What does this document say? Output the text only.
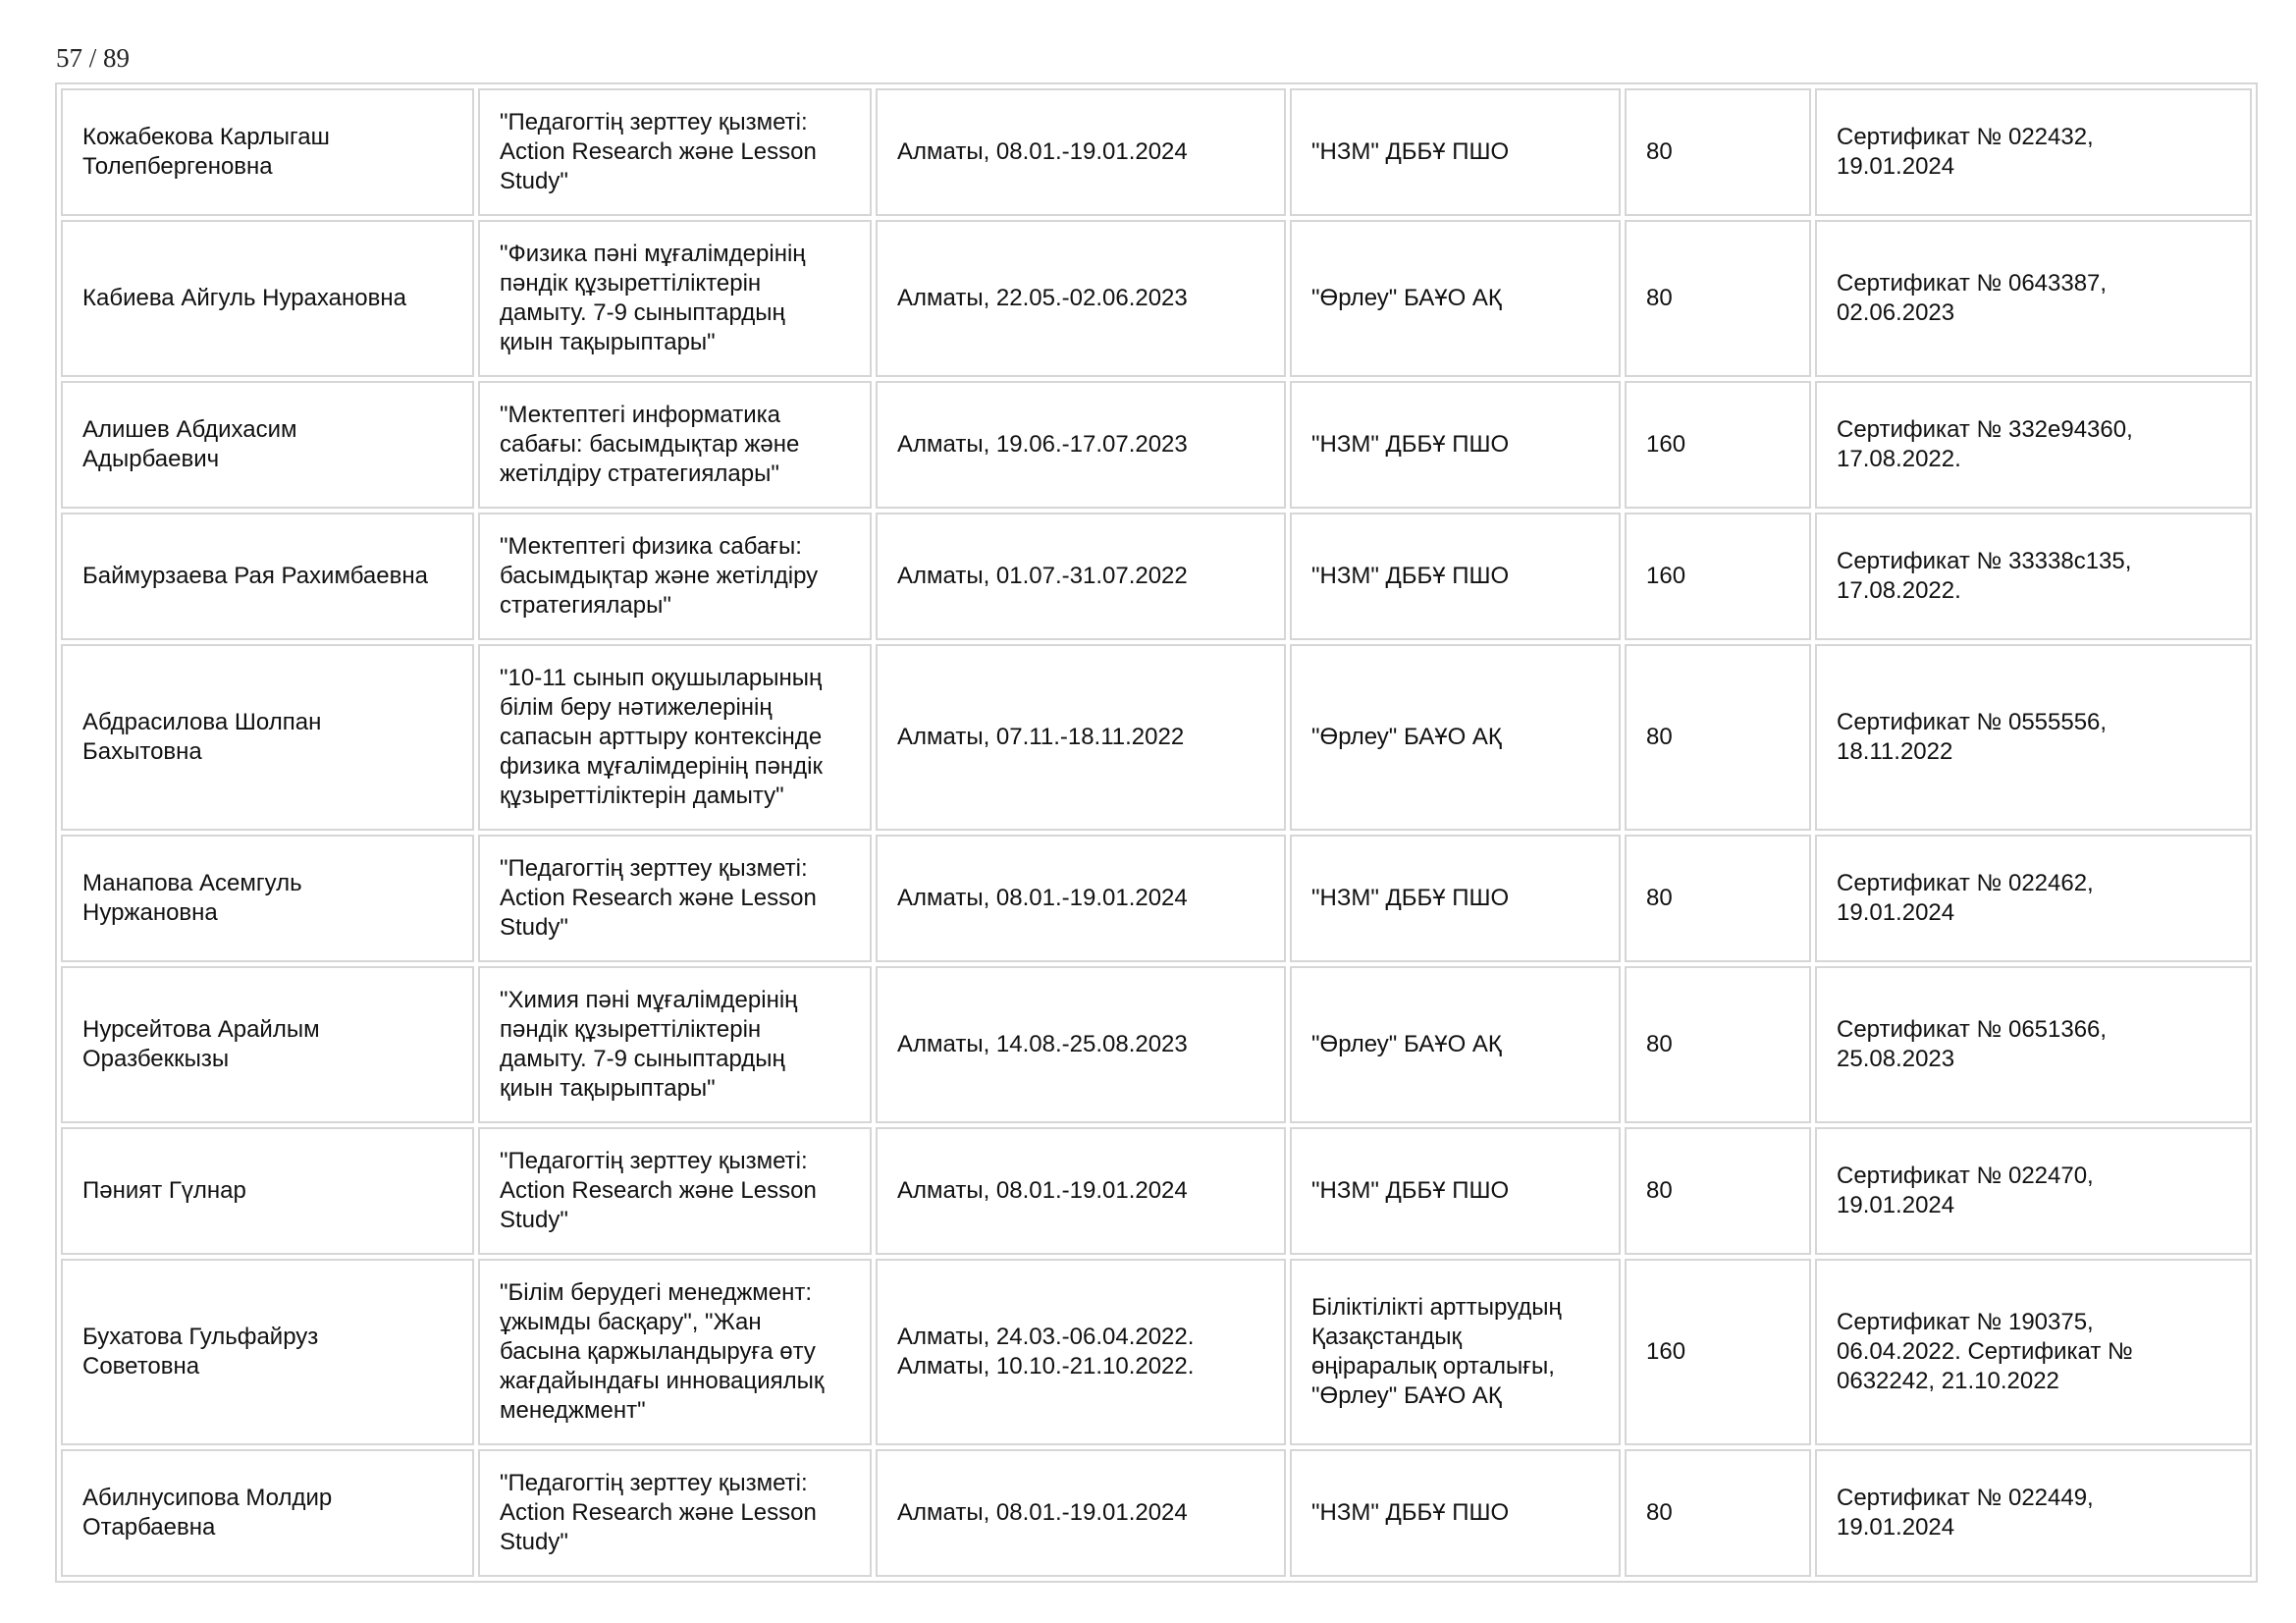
57 / 89
Кожабекова Карлыгаш
Толепбергеновна	"Педагогтің зерттеу қызметі:
Action Research және Lesson
Study"	Алматы, 08.01.-19.01.2024	"НЗМ" ДББҰ ПШО	80	Сертификат № 022432,
19.01.2024
Кабиева Айгуль Нурахановна	"Физика пәні мұғалімдерінің
пәндік құзыреттіліктерін
дамыту. 7-9 сыныптардың
қиын тақырыптары"	Алматы, 22.05.-02.06.2023	"Өрлеу" БАҰО АҚ	80	Сертификат № 0643387,
02.06.2023
Алишев Абдихасим
Адырбаевич	"Мектептегі информатика
сабағы: басымдықтар және
жетілдіру стратегиялары"	Алматы, 19.06.-17.07.2023	"НЗМ" ДББҰ ПШО	160	Сертификат № 332e94360,
17.08.2022.
Баймурзаева Рая Рахимбаевна	"Мектептегі физика сабағы:
басымдықтар және жетілдіру
стратегиялары"	Алматы, 01.07.-31.07.2022	"НЗМ" ДББҰ ПШО	160	Сертификат № 33338c135,
17.08.2022.
Абдрасилова Шолпан
Бахытовна	"10-11 сынып оқушыларының
білім беру нәтижелерінің
сапасын арттыру контексінде
физика мұғалімдерінің пәндік
құзыреттіліктерін дамыту"	Алматы, 07.11.-18.11.2022	"Өрлеу" БАҰО АҚ	80	Сертификат № 0555556,
18.11.2022
Манапова Асемгуль
Нуржановна	"Педагогтің зерттеу қызметі:
Action Research және Lesson
Study"	Алматы, 08.01.-19.01.2024	"НЗМ" ДББҰ ПШО	80	Сертификат № 022462,
19.01.2024
Нурсейтова Арайлым
Оразбеккызы	"Химия пәні мұғалімдерінің
пәндік құзыреттіліктерін
дамыту. 7-9 сыныптардың
қиын тақырыптары"	Алматы, 14.08.-25.08.2023	"Өрлеу" БАҰО АҚ	80	Сертификат № 0651366,
25.08.2023
Пәният Гүлнар	"Педагогтің зерттеу қызметі:
Action Research және Lesson
Study"	Алматы, 08.01.-19.01.2024	"НЗМ" ДББҰ ПШО	80	Сертификат № 022470,
19.01.2024
Бухатова Гульфайруз
Советовна	"Білім берудегі менеджмент:
ұжымды басқару", "Жан
басына қаржыландыруға өту
жағдайындағы инновациялық
менеджмент"	Алматы, 24.03.-06.04.2022.
Алматы, 10.10.-21.10.2022.	Біліктілікті арттырудың
Қазақстандық
өңіраралық орталығы,
"Өрлеу" БАҰО АҚ	160	Сертификат № 190375,
06.04.2022. Сертификат №
0632242, 21.10.2022
Абилнусипова Молдир
Отарбаевна	"Педагогтің зерттеу қызметі:
Action Research және Lesson
Study"	Алматы, 08.01.-19.01.2024	"НЗМ" ДББҰ ПШО	80	Сертификат № 022449,
19.01.2024
